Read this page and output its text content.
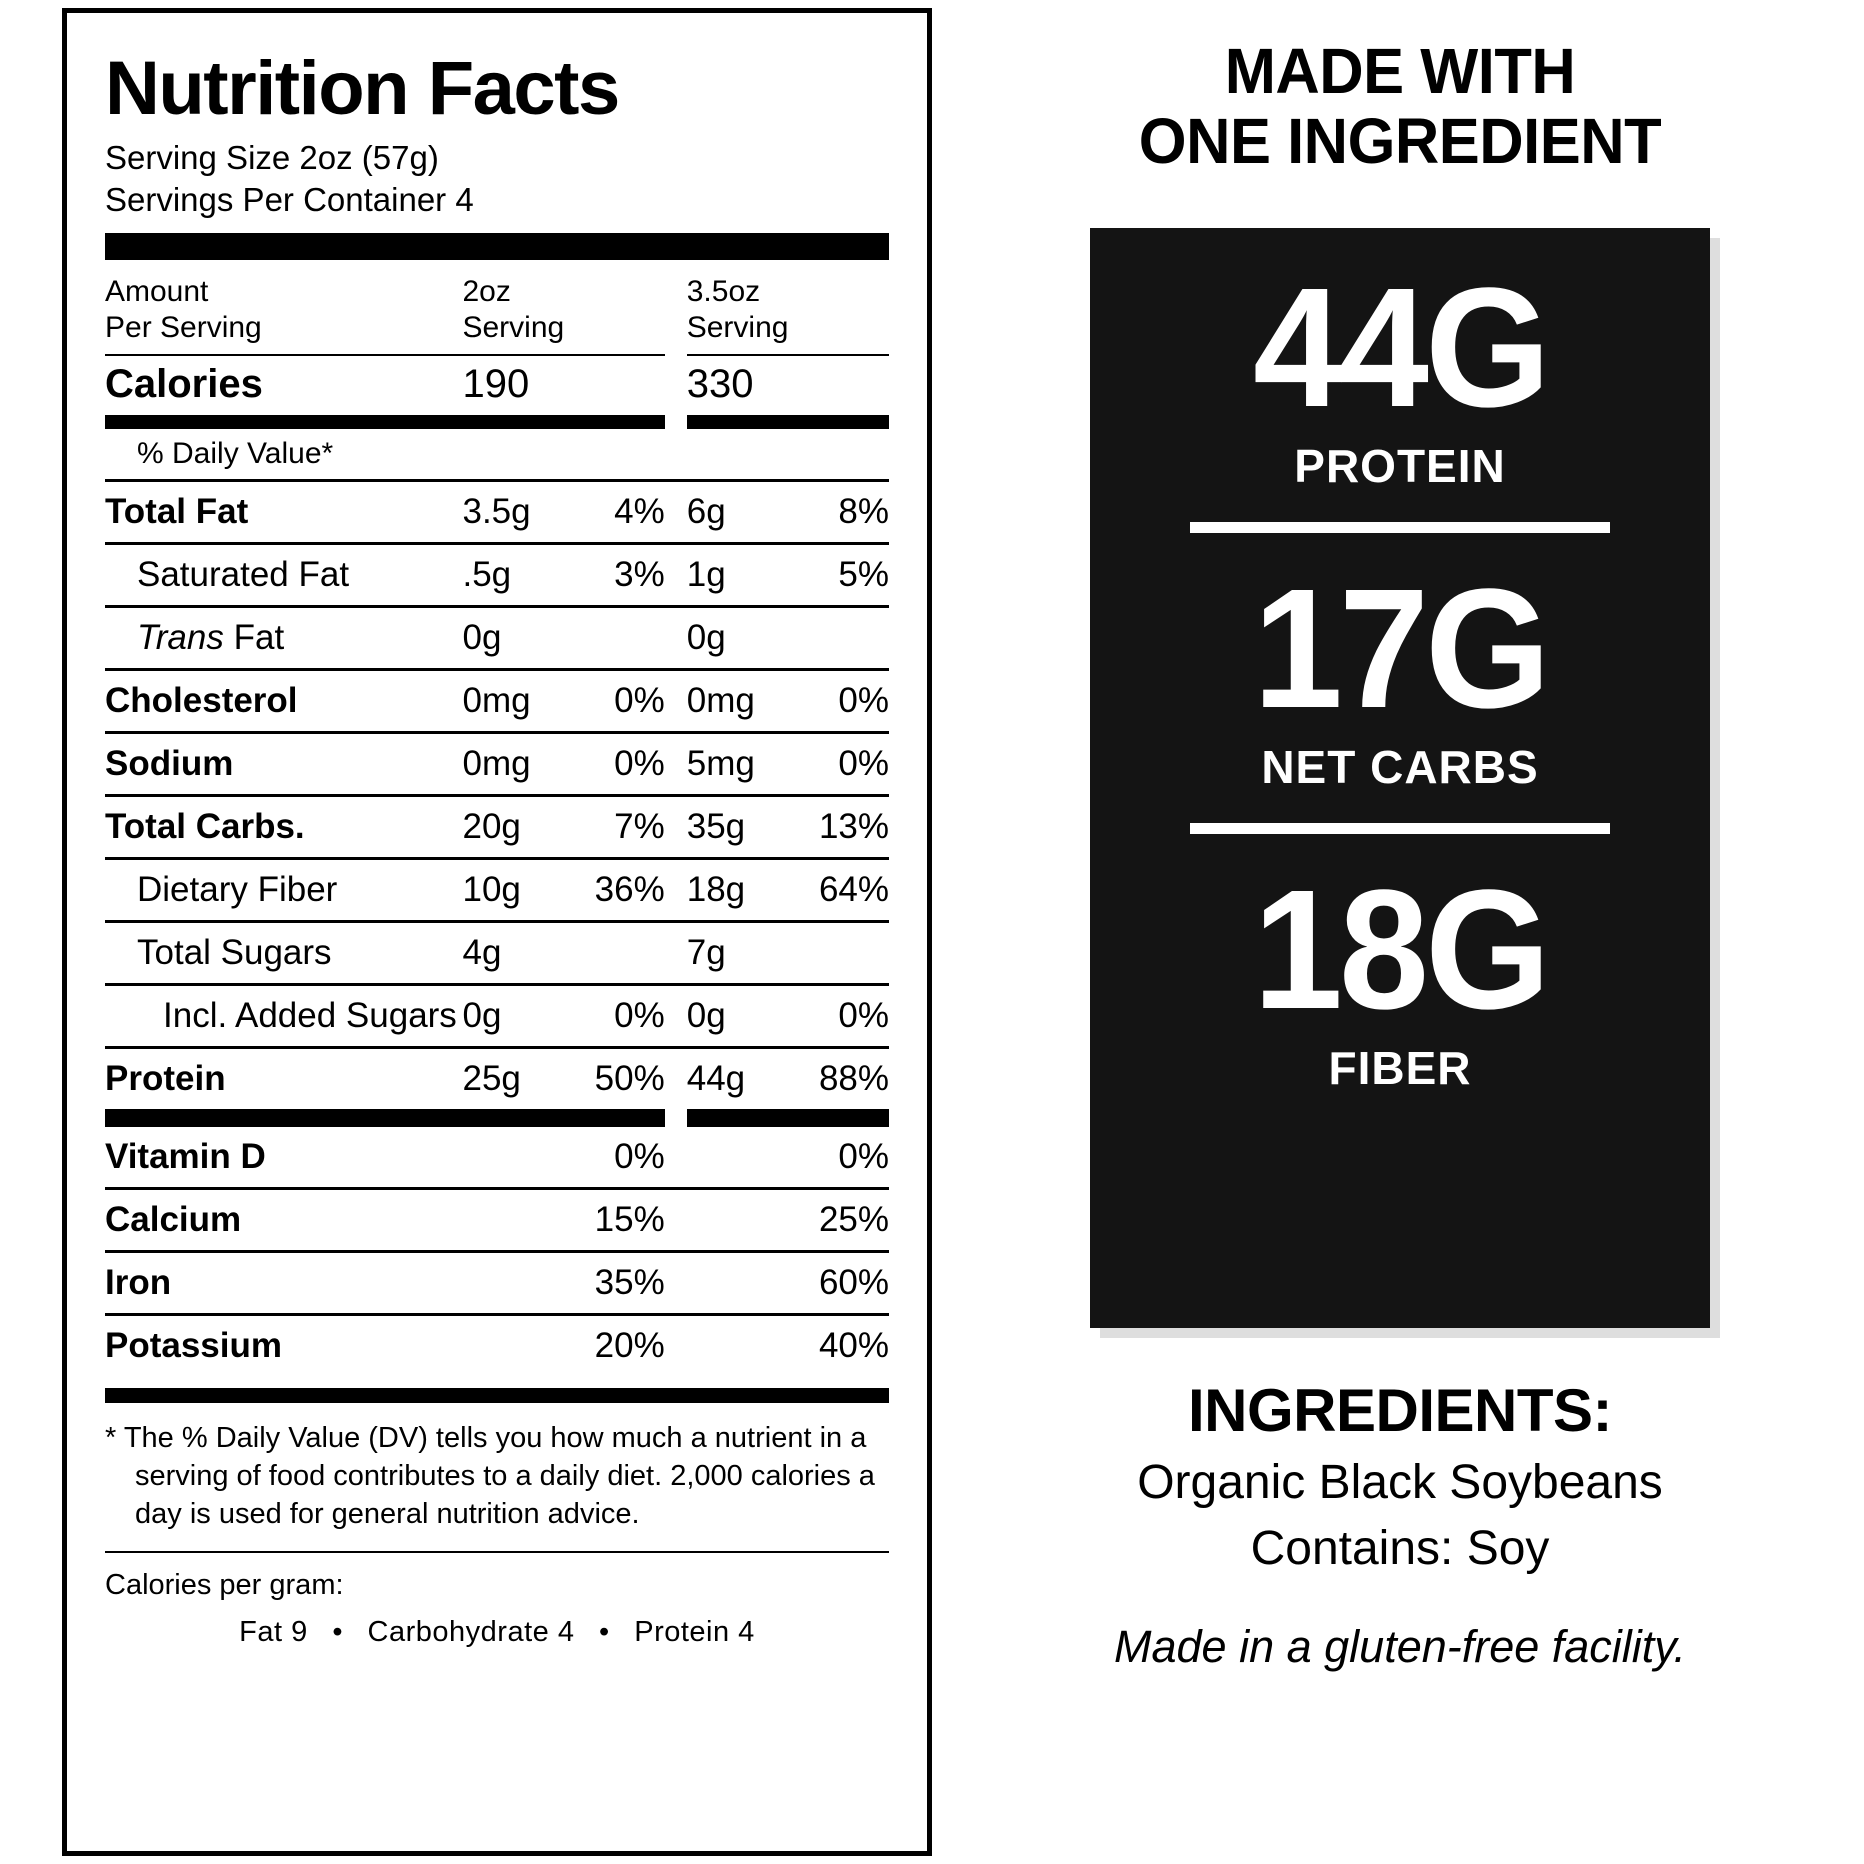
Nutrition Facts
Serving Size 2oz (57g)
Servings Per Container 4
Amount
Per Serving

2oz
Serving

3.5oz
Serving

Calories	190		330	

% Daily Value*				
Total Fat	3.5g	4%	6g	8%
Saturated Fat	.5g	3%	1g	5%
Trans Fat	0g		0g	
Cholesterol	0mg	0%	0mg	0%
Sodium	0mg	0%	5mg	0%
Total Carbs.	20g	7%	35g	13%
Dietary Fiber	10g	36%	18g	64%
Total Sugars	4g		7g	
Incl. Added Sugars	0g	0%	0g	0%
Protein	25g	50%	44g	88%

Vitamin D		0%		0%
Calcium		15%		25%
Iron		35%		60%
Potassium		20%		40%
* The % Daily Value (DV) tells you how much a nutrient in a serving of food contributes to a daily diet. 2,000 calories a day is used for general nutrition advice.
Calories per gram:
Fat 9 • Carbohydrate 4 • Protein 4
MADE WITH
ONE INGREDIENT
44G
PROTEIN
17G
NET CARBS
18G
FIBER
INGREDIENTS:
Organic Black Soybeans
Contains: Soy
Made in a gluten-free facility.
